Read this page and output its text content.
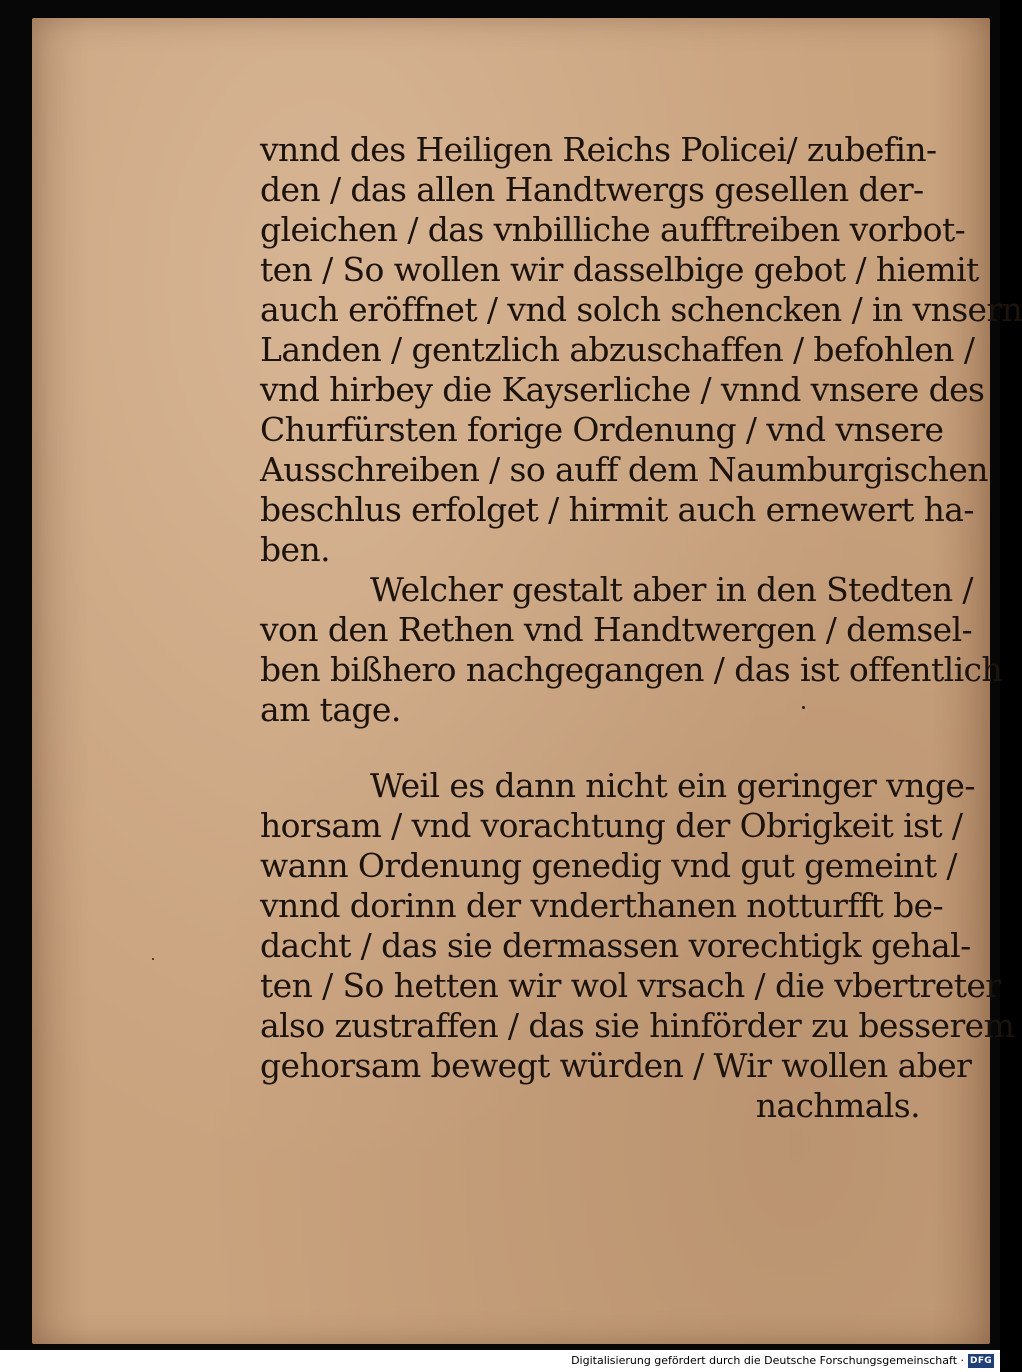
vnnd des Heiligen Reichs Policei/ zubefin-
den / das allen Handtwergs gesellen der-
gleichen / das vnbilliche aufftreiben vorbot-
ten / So wollen wir dasselbige gebot / hiemit
auch eröffnet / vnd solch schencken / in vnsern
Landen / gentzlich abzuschaffen / befohlen /
vnd hirbey die Kayserliche / vnnd vnsere des
Churfürsten forige Ordenung / vnd vnsere
Ausschreiben / so auff dem Naumburgischen
beschlus erfolget / hirmit auch ernewert ha-
ben.
Welcher gestalt aber in den Stedten /
von den Rethen vnd Handtwergen / demsel-
ben bißhero nachgegangen / das ist offentlich
am tage.
Weil es dann nicht ein geringer vnge-
horsam / vnd vorachtung der Obrigkeit ist /
wann Ordenung genedig vnd gut gemeint /
vnnd dorinn der vnderthanen notturfft be-
dacht / das sie dermassen vorechtigk gehal-
ten / So hetten wir wol vrsach / die vbertreter
also zustraffen / das sie hinförder zu besserem
gehorsam bewegt würden / Wir wollen aber
nachmals.
Digitalisierung gefördert durch die Deutsche Forschungsgemeinschaft · DFG
